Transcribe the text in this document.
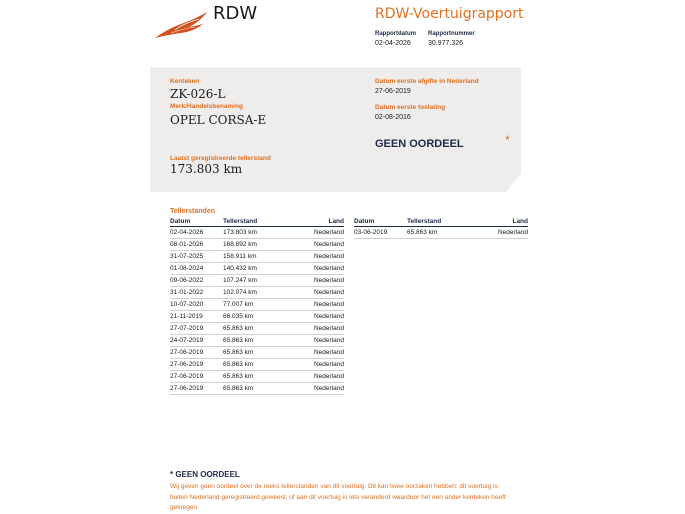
RDW	RDW-Voertuigrapport
Rapportdatum Rapportnummer
02-04-2026 30.977.326
Kenteken
ZK-026-L
Merk/Handelsbenaming
OPEL CORSA-E
Laatst geregistreerde tellerstand
173.803 km
Datum eerste afgifte in Nederland
27-06-2019
Datum eerste toelating
02-08-2016
GEEN OORDEEL	*
Tellerstanden
Datum	Tellerstand	Land
02-04-2026	173.803 km	Nederland
08-01-2026	168.892 km	Nederland
31-07-2025	158.911 km	Nederland
01-08-2024	140.432 km	Nederland
09-06-2022	107.247 km	Nederland
31-01-2022	102.074 km	Nederland
10-07-2020	77.007 km	Nederland
21-11-2019	66.035 km	Nederland
27-07-2019	65.863 km	Nederland
24-07-2019	65.863 km	Nederland
27-06-2019	65.863 km	Nederland
27-06-2019	65.863 km	Nederland
27-06-2019	65.863 km	Nederland
27-06-2019	65.863 km	Nederland
Datum	Tellerstand	Land
03-06-2019	65.863 km	Nederland
* GEEN OORDEEL
Wij geven geen oordeel over de reeks tellerstanden van dit voertuig. Dit kan twee oorzaken hebben: dit voertuig is buiten Nederland geregistreerd geweest, of aan dit voertuig is iets veranderd waardoor het een ander kenteken heeft gekregen.
